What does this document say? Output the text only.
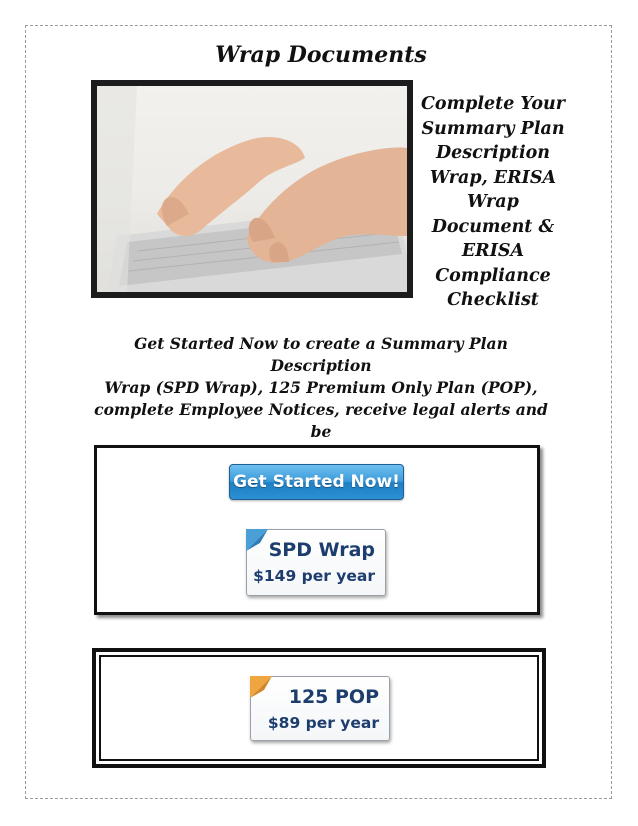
Wrap Documents
Complete Your
Summary Plan
Description
Wrap, ERISA
Wrap
Document &
ERISA
Compliance
Checklist
Get Started Now to create a Summary Plan Description
Wrap (SPD Wrap), 125 Premium Only Plan (POP),
complete Employee Notices, receive legal alerts and be
Get Started Now!
SPD Wrap
$149 per year
125 POP
$89 per year
